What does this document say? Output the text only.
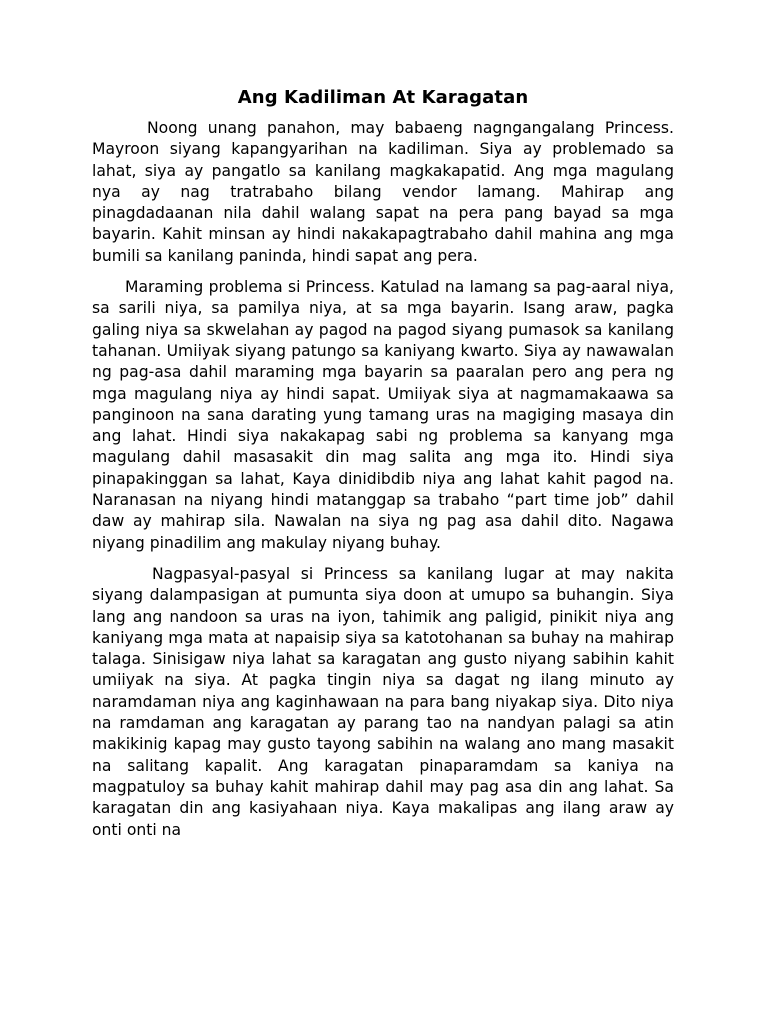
Ang Kadiliman At Karagatan

Noong unang panahon, may babaeng nagngangalang Princess. Mayroon siyang kapangyarihan na kadiliman. Siya ay problemado sa lahat, siya ay pangatlo sa kanilang magkakapatid. Ang mga magulang nya ay nag tratrabaho bilang vendor lamang. Mahirap ang pinagdadaanan nila dahil walang sapat na pera pang bayad sa mga bayarin. Kahit minsan ay hindi nakakapagtrabaho dahil mahina ang mga bumili sa kanilang paninda, hindi sapat ang pera.

Maraming problema si Princess. Katulad na lamang sa pag-aaral niya, sa sarili niya, sa pamilya niya, at sa mga bayarin. Isang araw, pagka galing niya sa skwelahan ay pagod na pagod siyang pumasok sa kanilang tahanan. Umiiyak siyang patungo sa kaniyang kwarto. Siya ay nawawalan ng pag-asa dahil maraming mga bayarin sa paaralan pero ang pera ng mga magulang niya ay hindi sapat. Umiiyak siya at nagmamakaawa sa panginoon na sana darating yung tamang uras na magiging masaya din ang lahat. Hindi siya nakakapag sabi ng problema sa kanyang mga magulang dahil masasakit din mag salita ang mga ito. Hindi siya pinapakinggan sa lahat, Kaya dinidibdib niya ang lahat kahit pagod na. Naranasan na niyang hindi matanggap sa trabaho “part time job” dahil daw ay mahirap sila. Nawalan na siya ng pag asa dahil dito. Nagawa niyang pinadilim ang makulay niyang buhay.

Nagpasyal-pasyal si Princess sa kanilang lugar at may nakita siyang dalampasigan at pumunta siya doon at umupo sa buhangin. Siya lang ang nandoon sa uras na iyon, tahimik ang paligid, pinikit niya ang kaniyang mga mata at napaisip siya sa katotohanan sa buhay na mahirap talaga. Sinisigaw niya lahat sa karagatan ang gusto niyang sabihin kahit umiiyak na siya. At pagka tingin niya sa dagat ng ilang minuto ay naramdaman niya ang kaginhawaan na para bang niyakap siya. Dito niya na ramdaman ang karagatan ay parang tao na nandyan palagi sa atin makikinig kapag may gusto tayong sabihin na walang ano mang masakit na salitang kapalit. Ang karagatan pinaparamdam sa kaniya na magpatuloy sa buhay kahit mahirap dahil may pag asa din ang lahat. Sa karagatan din ang kasiyahaan niya. Kaya makalipas ang ilang araw ay onti onti na
